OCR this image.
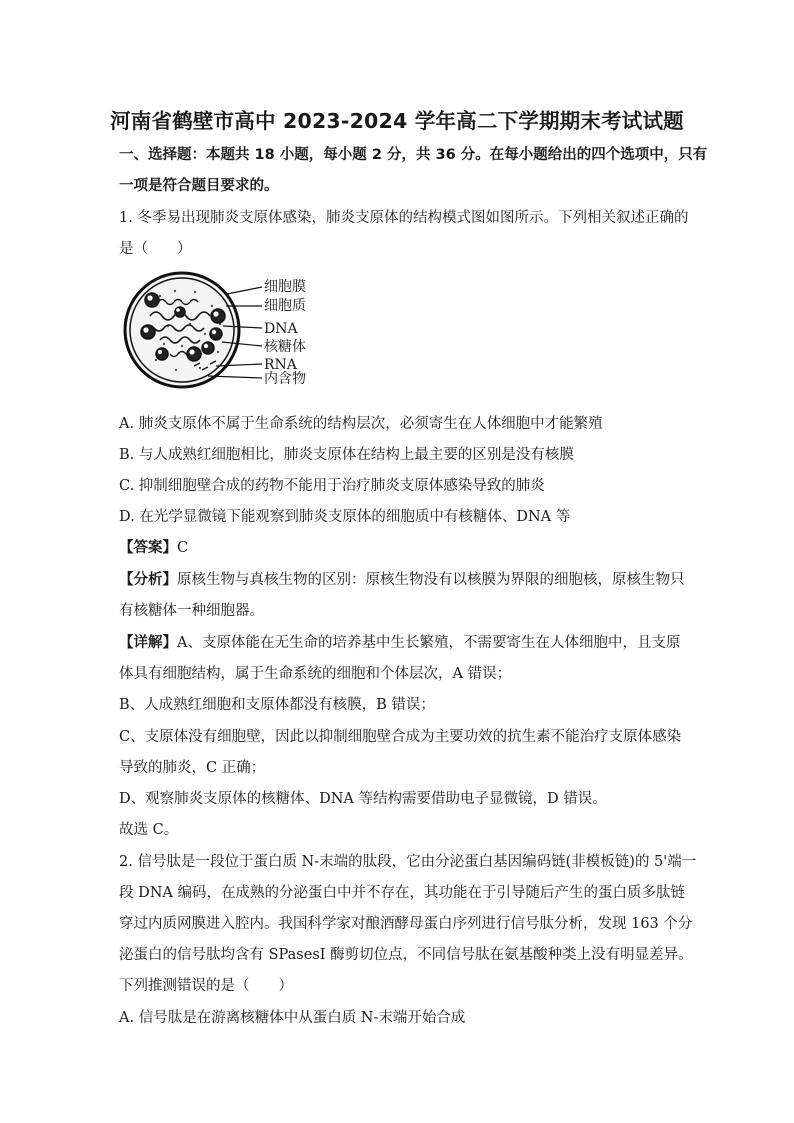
河南省鹤壁市高中 2023-2024 学年高二下学期期末考试试题
一、选择题：本题共 18 小题，每小题 2 分，共 36 分。在每小题给出的四个选项中，只有
一项是符合题目要求的。
1. 冬季易出现肺炎支原体感染，肺炎支原体的结构模式图如图所示。下列相关叙述正确的
是（　　）
细胞膜
细胞质
DNA
核糖体
RNA
内含物
A. 肺炎支原体不属于生命系统的结构层次，必须寄生在人体细胞中才能繁殖
B. 与人成熟红细胞相比，肺炎支原体在结构上最主要的区别是没有核膜
C. 抑制细胞壁合成的药物不能用于治疗肺炎支原体感染导致的肺炎
D. 在光学显微镜下能观察到肺炎支原体的细胞质中有核糖体、DNA 等
【答案】C
【分析】原核生物与真核生物的区别：原核生物没有以核膜为界限的细胞核，原核生物只
有核糖体一种细胞器。
【详解】A、支原体能在无生命的培养基中生长繁殖，不需要寄生在人体细胞中，且支原
体具有细胞结构，属于生命系统的细胞和个体层次，A 错误；
B、人成熟红细胞和支原体都没有核膜，B 错误；
C、支原体没有细胞壁，因此以抑制细胞壁合成为主要功效的抗生素不能治疗支原体感染
导致的肺炎，C 正确；
D、观察肺炎支原体的核糖体、DNA 等结构需要借助电子显微镜，D 错误。
故选 C。
2. 信号肽是一段位于蛋白质 N-末端的肽段，它由分泌蛋白基因编码链(非模板链)的 5'端一
段 DNA 编码，在成熟的分泌蛋白中并不存在，其功能在于引导随后产生的蛋白质多肽链
穿过内质网膜进入腔内。我国科学家对酿酒酵母蛋白序列进行信号肽分析，发现 163 个分
泌蛋白的信号肽均含有 SPasesI 酶剪切位点，不同信号肽在氨基酸种类上没有明显差异。
下列推测错误的是（　　）
A. 信号肽是在游离核糖体中从蛋白质 N-末端开始合成
